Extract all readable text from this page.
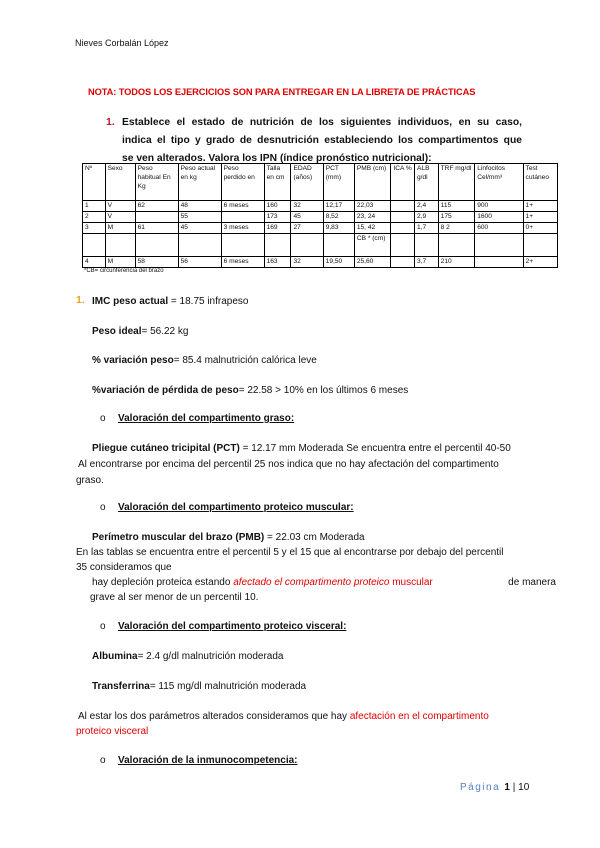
Nieves Corbalán López
NOTA: TODOS LOS EJERCICIOS SON PARA ENTREGAR EN LA LIBRETA DE PRÁCTICAS
1. Establece el estado de nutrición de los siguientes individuos, en su caso,

indica el tipo y grado de desnutrición estableciendo los compartimentos que

se ven alterados. Valora los IPN (índice pronóstico nutricional):

Nº	Sexo	Peso habitual En Kg	Peso actual en kg	Peso perdido en	Talla en cm	EDAD (años)	PCT (mm)	PMB (cm)	ICA %	ALB g/dl	TRF mg/dl	Linfocitos Cel/mm³	Test cutáneo
1	V	62	48	6 meses	160	32	12,17	22,03		2,4	115	900	1+
2	V		55		173	45	8,52	23, 24		2,9	175	1600	1+
3	M	61	45	3 meses	169	27	9,83	15, 42		1,7	8 2	600	0+
								CB * (cm)					
4	M	58	56	6 meses	163	32	19,50	25,60		3,7	210		2+
*CB= circunferencia del brazo
1. IMC peso actual = 18.75 infrapeso
Peso ideal= 56.22 kg
% variación peso= 85.4 malnutrición calórica leve
%variación de pérdida de peso= 22.58 > 10% en los últimos 6 meses
o Valoración del compartimento graso:
Pliegue cutáneo tricipital (PCT) = 12.17 mm Moderada Se encuentra entre el percentil 40-50
Al encontrarse por encima del percentil 25 nos indica que no hay afectación del compartimento
graso.
o Valoración del compartimento proteico muscular:
Perímetro muscular del brazo (PMB) = 22.03 cm Moderada
En las tablas se encuentra entre el percentil 5 y el 15 que al encontrarse por debajo del percentil
35 consideramos que
hay depleción proteica estando afectado el compartimento proteico muscular	de manera
grave al ser menor de un percentil 10.
o Valoración del compartimento proteico visceral:
Albumina= 2.4 g/dl malnutrición moderada
Transferrina= 115 mg/dl malnutrición moderada
Al estar los dos parámetros alterados consideramos que hay afectación en el compartimento
proteico visceral
o Valoración de la inmunocompetencia:
Página 1 | 10
